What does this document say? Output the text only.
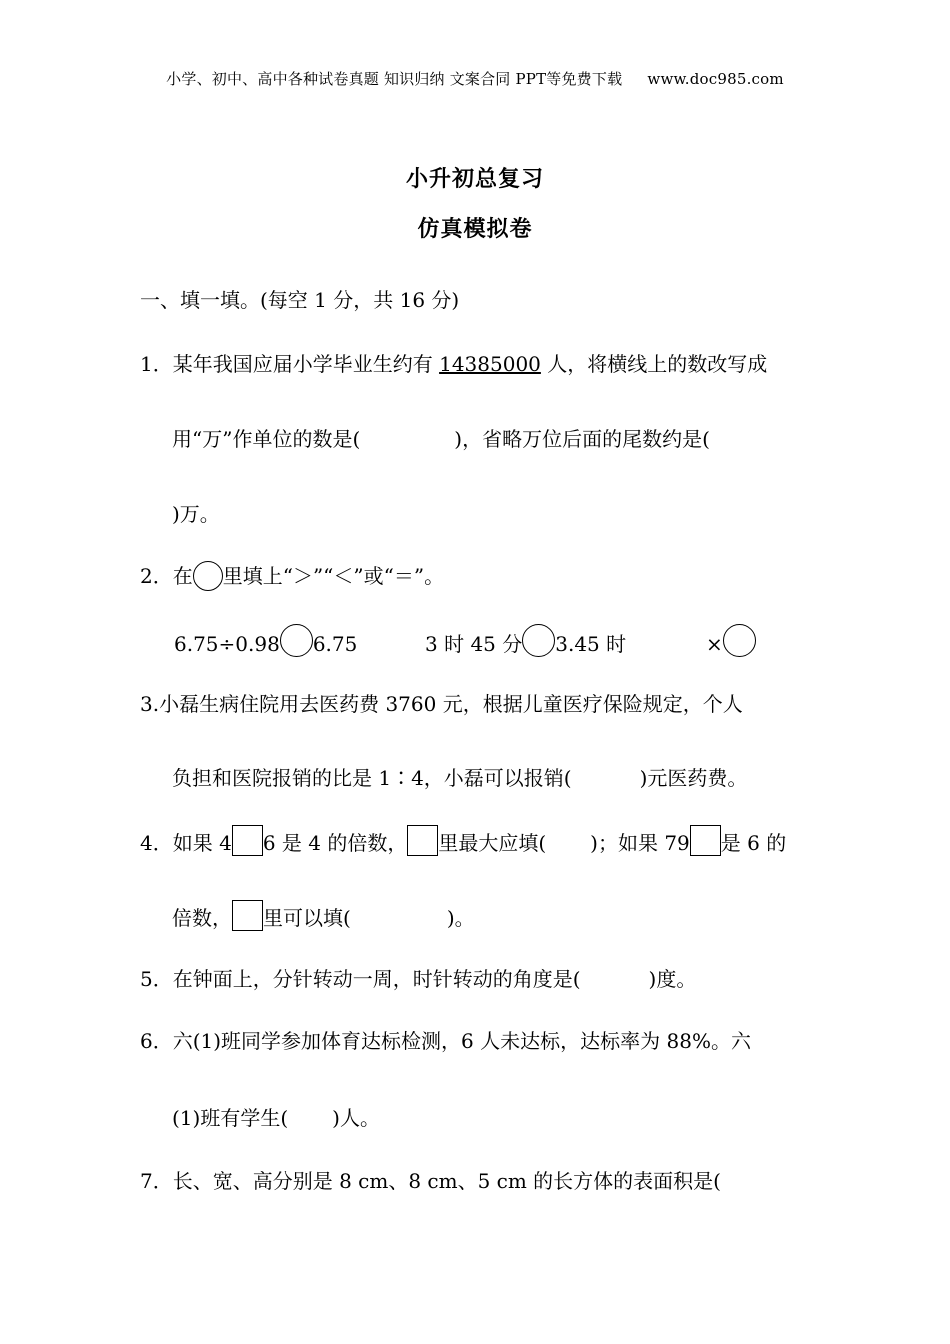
小学、初中、高中各种试卷真题 知识归纳 文案合同 PPT等免费下载 　 www.doc985.com
小升初总复习
仿真模拟卷
一、填一填。(每空 1 分，共 16 分)
1．某年我国应届小学毕业生约有 14385000 人，将横线上的数改写成
用“万”作单位的数是(	)，省略万位后面的尾数约是(
)万。
2．在 里填上“＞”“＜”或“＝”。
6.75÷0.98 6.75	3 时 45 分 3.45 时	×
3.小磊生病住院用去医药费 3760 元，根据儿童医疗保险规定，个人
负担和医院报销的比是 1∶4，小磊可以报销(	)元医药费。
4．如果 4 6 是 4 的倍数， 里最大应填( )；如果 79 是 6 的
倍数， 里可以填(	)。
5．在钟面上，分针转动一周，时针转动的角度是(	)度。
6．六(1)班同学参加体育达标检测，6 人未达标，达标率为 88%。六
(1)班有学生( )人。
7．长、宽、高分别是 8 cm、8 cm、5 cm 的长方体的表面积是(
